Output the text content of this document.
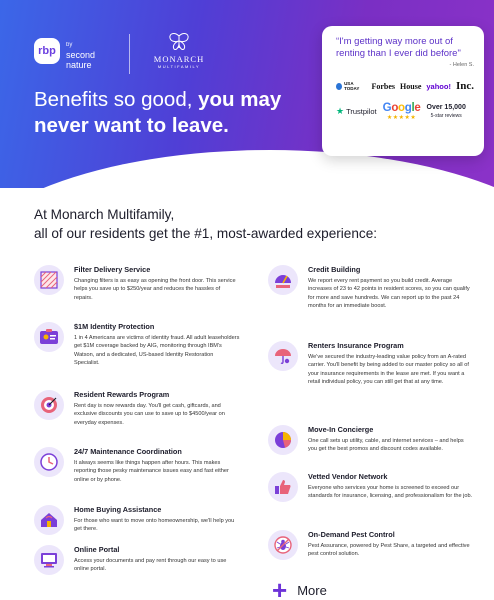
rbp	by
second
nature
MONARCH
MULTIFAMILY
Benefits so good, you may never want to leave.
“I'm getting way more out of renting than I ever did before"
- Helen S.
USA TODAY	Forbes House yahoo! Inc.
★ Trustpilot Google
★★★★★
Over 15,000
5-star reviews
At Monarch Multifamily,
all of our residents get the #1, most-awarded experience:
Filter Delivery Service
Changing filters is as easy as opening the front door. This service helps you save up to $250/year and reduces the hassles of repairs.
$1M Identity Protection
1 in 4 Americans are victims of identity fraud. All adult leaseholders get $1M coverage backed by AIG, monitoring through IBM's Watson, and a dedicated, US-based Identity Restoration Specialist.
Resident Rewards Program
Rent day is now rewards day. You'll get cash, giftcards, and exclusive discounts you can use to save up to $4500/year on everyday expenses.
24/7 Maintenance Coordination
It always seems like things happen after hours. This makes reporting those pesky maintenance issues easy and fast either online or by phone.
Home Buying Assistance
For those who want to move onto homeownership, we'll help you get there.
Online Portal
Access your documents and pay rent through our easy to use online portal.
Credit Building
We report every rent payment so you build credit. Average increases of 23 to 42 points in resident scores, so you can qualify for more and save hundreds. We can report up to the past 24 months for an immediate boost.
Renters Insurance Program
We've secured the industry-leading value policy from an A-rated carrier. You'll benefit by being added to our master policy so all of your insurance requirements in the lease are met. If you want a retail individual policy, you can still get that at any time.
Move-In Concierge
One call sets up utility, cable, and internet services – and helps you get the best promos and discount codes available.
Vetted Vendor Network
Everyone who services your home is screened to exceed our standards for insurance, licensing, and professionalism for the job.
On-Demand Pest Control
Pest Assurance, powered by Pest Share, a targeted and effective pest control solution.
+ More
